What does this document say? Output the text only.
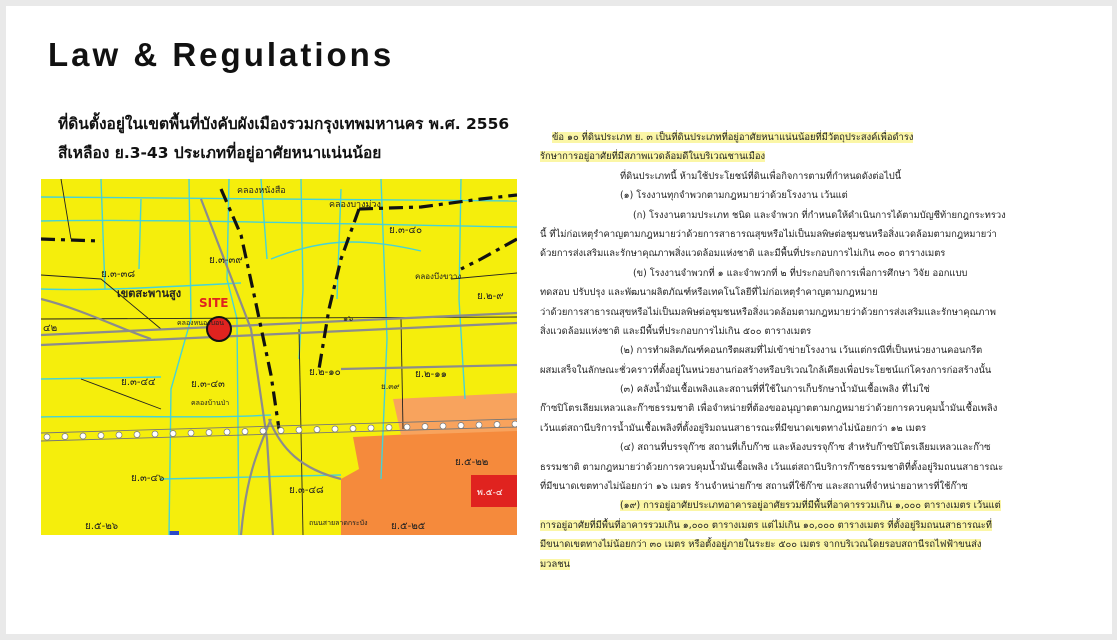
Law & Regulations
ที่ดินตั้งอยู่ในเขตพื้นที่บังคับผังเมืองรวมกรุงเทพมหานคร พ.ศ. 2556
สีเหลือง ย.3-43 ประเภทที่อยู่อาศัยหนาแน่นน้อย
SITE
คลองหนังสือ
คลองบางม่วง
ย.๓-๓๘
ย.๓-๓๙
ย.๓-๔๐
เขตสะพานสูง	ย.๒-๙
๔๒	คลองหนองบอน	๑๖
คลองบึงขวาง
ย.๓-๔๔	ย.๓-๔๓
ย.๒-๑๐	ย.๒-๑๑
ย.๓๙
คลองบ้านป่า
ย.๕-๒๒
ย.๓-๔๖
ย.๓-๔๘
ย.๕-๒๖	ถนนสายลาดกระบัง ย.๕-๒๕
พ.๕-๔
ข้อ ๑๐ ที่ดินประเภท ย. ๓ เป็นที่ดินประเภทที่อยู่อาศัยหนาแน่นน้อยที่มีวัตถุประสงค์เพื่อดำรง
รักษาการอยู่อาศัยที่มีสภาพแวดล้อมดีในบริเวณชานเมือง
ที่ดินประเภทนี้ ห้ามใช้ประโยชน์ที่ดินเพื่อกิจการตามที่กำหนดดังต่อไปนี้
(๑) โรงงานทุกจำพวกตามกฎหมายว่าด้วยโรงงาน เว้นแต่
(ก) โรงงานตามประเภท ชนิด และจำพวก ที่กำหนดให้ดำเนินการได้ตามบัญชีท้ายกฎกระทรวง
นี้ ที่ไม่ก่อเหตุรำคาญตามกฎหมายว่าด้วยการสาธารณสุขหรือไม่เป็นมลพิษต่อชุมชนหรือสิ่งแวดล้อมตามกฎหมายว่า
ด้วยการส่งเสริมและรักษาคุณภาพสิ่งแวดล้อมแห่งชาติ และมีพื้นที่ประกอบการไม่เกิน ๓๐๐ ตารางเมตร
(ข) โรงงานจำพวกที่ ๑ และจำพวกที่ ๒ ที่ประกอบกิจการเพื่อการศึกษา วิจัย ออกแบบ
ทดสอบ ปรับปรุง และพัฒนาผลิตภัณฑ์หรือเทคโนโลยีที่ไม่ก่อเหตุรำคาญตามกฎหมาย
ว่าด้วยการสาธารณสุขหรือไม่เป็นมลพิษต่อชุมชนหรือสิ่งแวดล้อมตามกฎหมายว่าด้วยการส่งเสริมและรักษาคุณภาพ
สิ่งแวดล้อมแห่งชาติ และมีพื้นที่ประกอบการไม่เกิน ๕๐๐ ตารางเมตร
(๒) การทำผลิตภัณฑ์คอนกรีตผสมที่ไม่เข้าข่ายโรงงาน เว้นแต่กรณีที่เป็นหน่วยงานคอนกรีต
ผสมเสร็จในลักษณะชั่วคราวที่ตั้งอยู่ในหน่วยงานก่อสร้างหรือบริเวณใกล้เคียงเพื่อประโยชน์แก่โครงการก่อสร้างนั้น
(๓) คลังน้ำมันเชื้อเพลิงและสถานที่ที่ใช้ในการเก็บรักษาน้ำมันเชื้อเพลิง ที่ไม่ใช่
ก๊าซปิโตรเลียมเหลวและก๊าซธรรมชาติ เพื่อจำหน่ายที่ต้องขออนุญาตตามกฎหมายว่าด้วยการควบคุมน้ำมันเชื้อเพลิง
เว้นแต่สถานีบริการน้ำมันเชื้อเพลิงที่ตั้งอยู่ริมถนนสาธารณะที่มีขนาดเขตทางไม่น้อยกว่า ๑๒ เมตร
(๔) สถานที่บรรจุก๊าซ สถานที่เก็บก๊าซ และห้องบรรจุก๊าซ สำหรับก๊าซปิโตรเลียมเหลวและก๊าซ
ธรรมชาติ ตามกฎหมายว่าด้วยการควบคุมน้ำมันเชื้อเพลิง เว้นแต่สถานีบริการก๊าซธรรมชาติที่ตั้งอยู่ริมถนนสาธารณะ
ที่มีขนาดเขตทางไม่น้อยกว่า ๑๖ เมตร ร้านจำหน่ายก๊าซ สถานที่ใช้ก๊าซ และสถานที่จำหน่ายอาหารที่ใช้ก๊าซ
(๑๙) การอยู่อาศัยประเภทอาคารอยู่อาศัยรวมที่มีพื้นที่อาคารรวมเกิน ๑,๐๐๐ ตารางเมตร เว้นแต่
การอยู่อาศัยที่มีพื้นที่อาคารรวมเกิน ๑,๐๐๐ ตารางเมตร แต่ไม่เกิน ๑๐,๐๐๐ ตารางเมตร ที่ตั้งอยู่ริมถนนสาธารณะที่
มีขนาดเขตทางไม่น้อยกว่า ๓๐ เมตร หรือตั้งอยู่ภายในระยะ ๕๐๐ เมตร จากบริเวณโดยรอบสถานีรถไฟฟ้าขนส่ง
มวลชน
